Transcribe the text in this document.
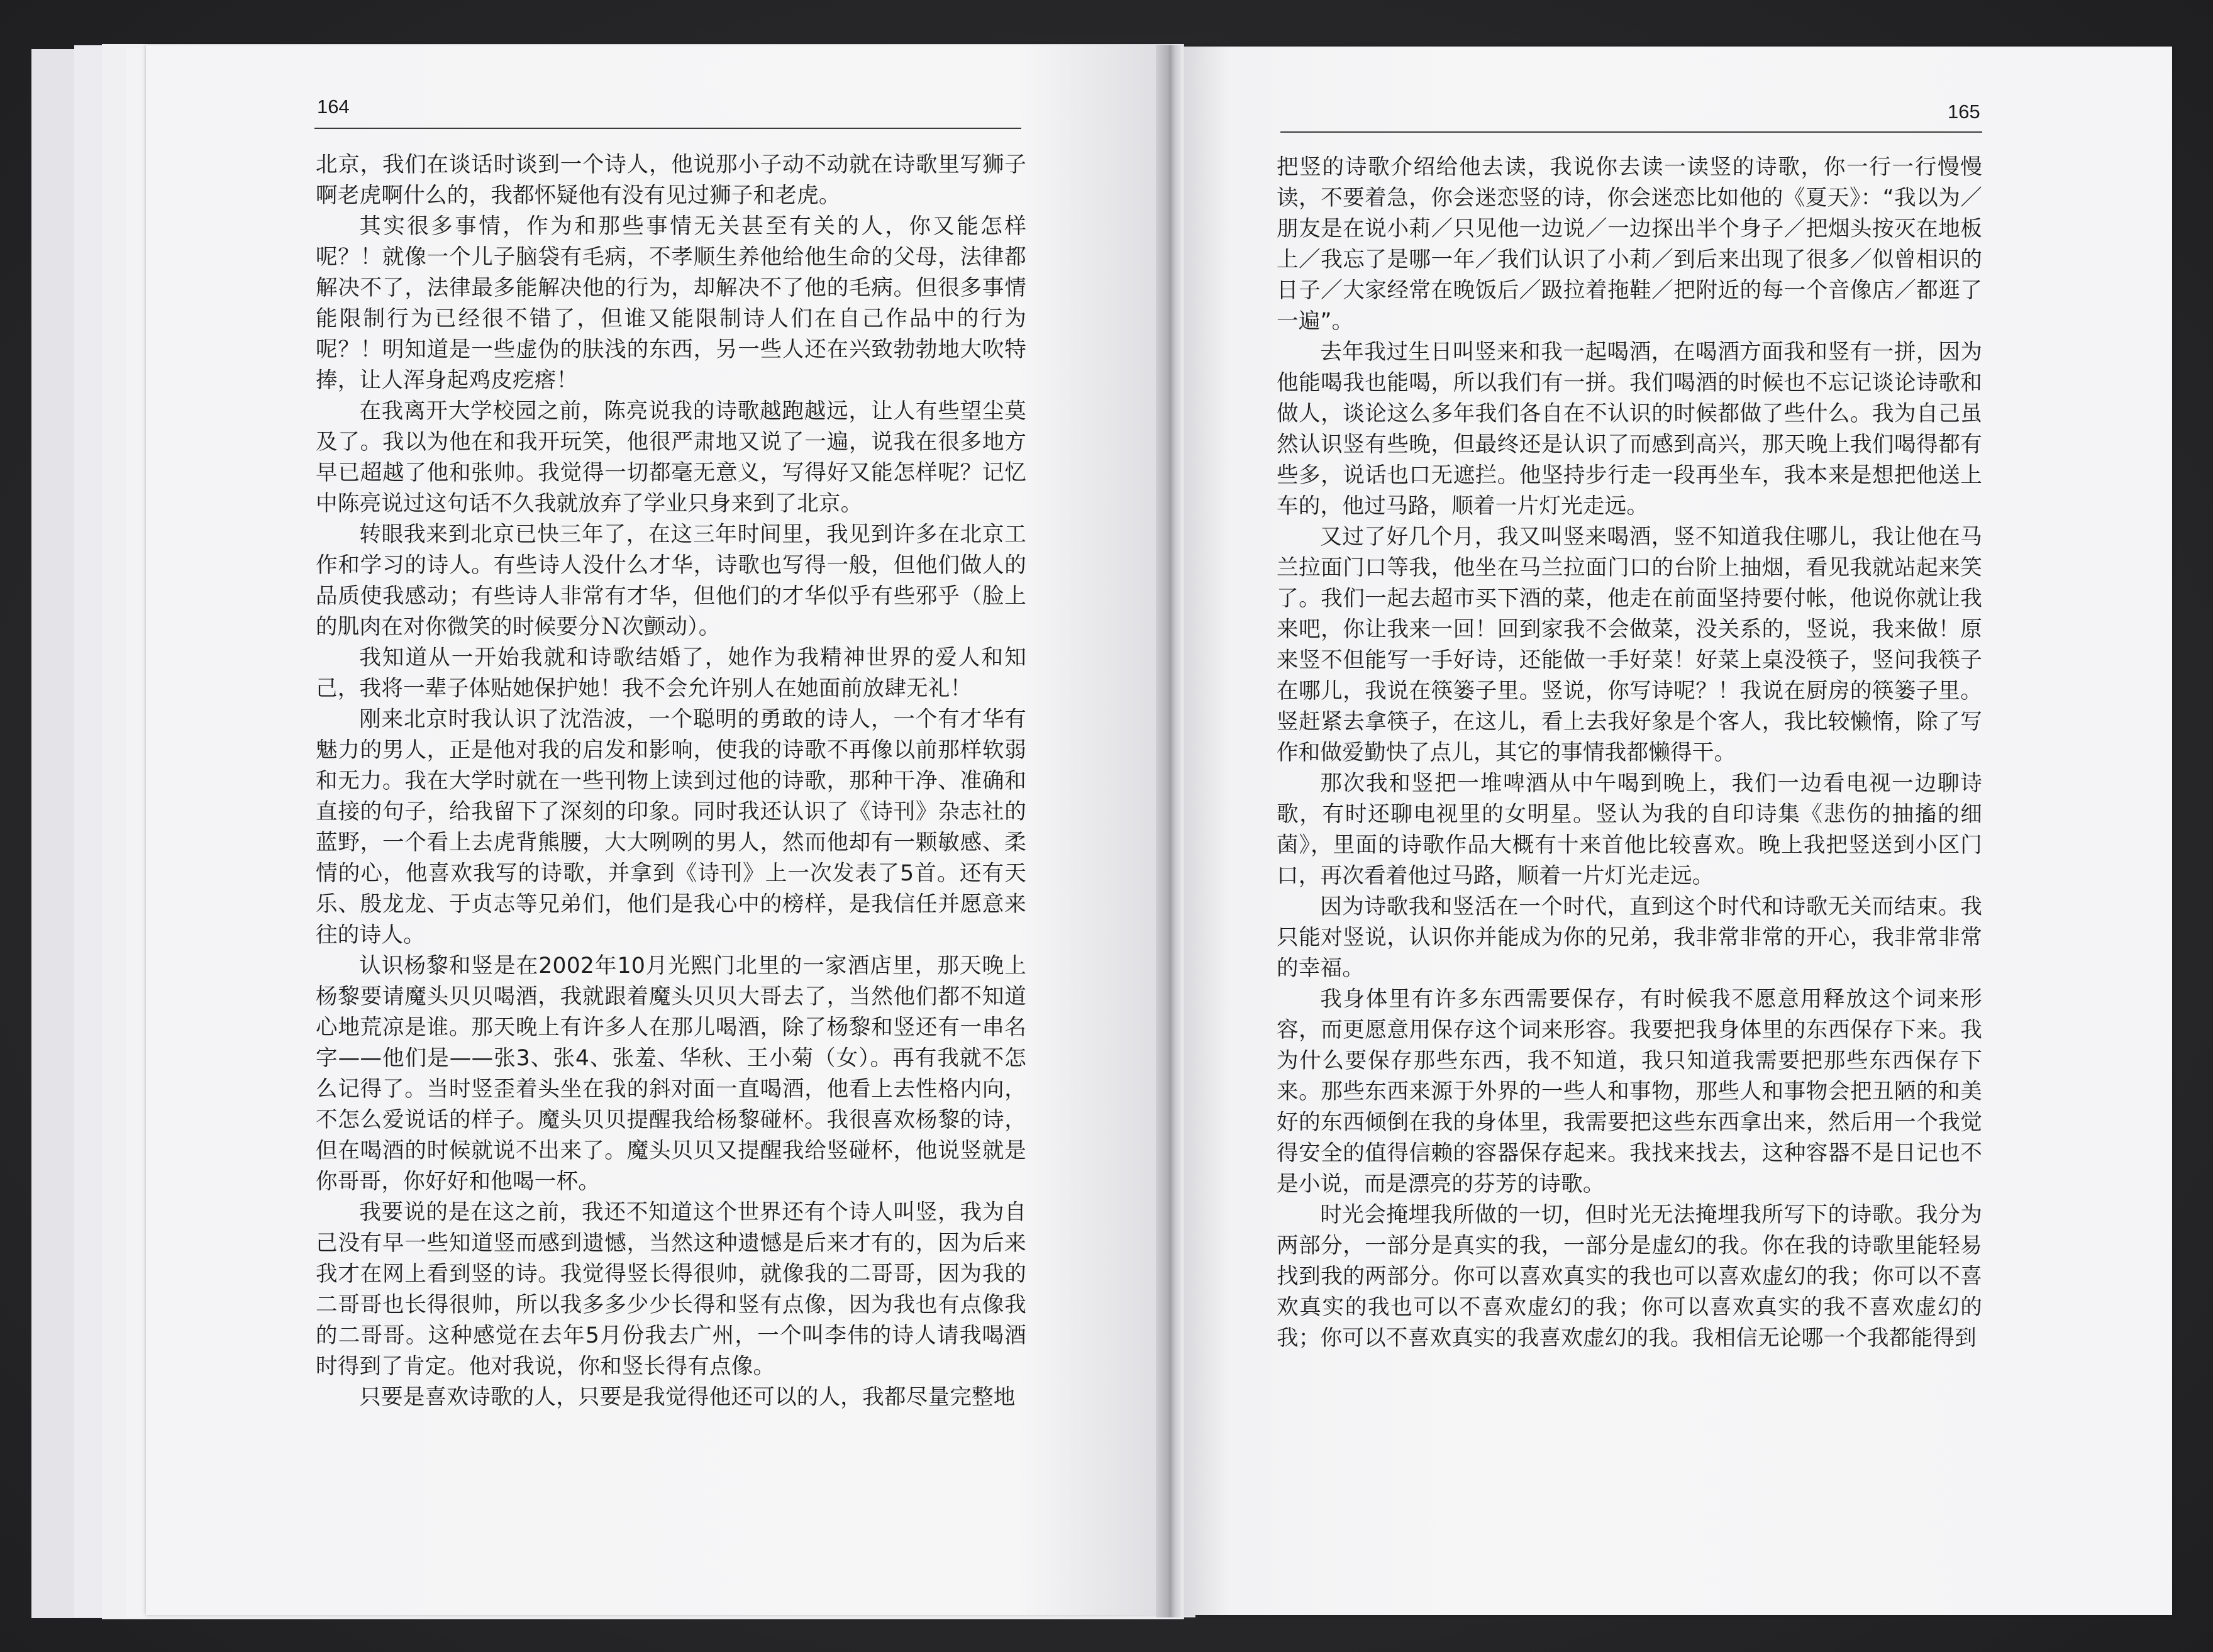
164	165

北京，我们在谈话时谈到一个诗人，他说那小子动不动就在诗歌里写狮子啊老虎啊什么的，我都怀疑他有没有见过狮子和老虎。

其实很多事情，作为和那些事情无关甚至有关的人，你又能怎样呢？！就像一个儿子脑袋有毛病，不孝顺生养他给他生命的父母，法律都解决不了，法律最多能解决他的行为，却解决不了他的毛病。但很多事情能限制行为已经很不错了，但谁又能限制诗人们在自己作品中的行为呢？！明知道是一些虚伪的肤浅的东西，另一些人还在兴致勃勃地大吹特捧，让人浑身起鸡皮疙瘩！

在我离开大学校园之前，陈亮说我的诗歌越跑越远，让人有些望尘莫及了。我以为他在和我开玩笑，他很严肃地又说了一遍，说我在很多地方早已超越了他和张帅。我觉得一切都毫无意义，写得好又能怎样呢？记忆中陈亮说过这句话不久我就放弃了学业只身来到了北京。

转眼我来到北京已快三年了，在这三年时间里，我见到许多在北京工作和学习的诗人。有些诗人没什么才华，诗歌也写得一般，但他们做人的品质使我感动；有些诗人非常有才华，但他们的才华似乎有些邪乎（脸上的肌肉在对你微笑的时候要分Ｎ次颤动）。

我知道从一开始我就和诗歌结婚了，她作为我精神世界的爱人和知己，我将一辈子体贴她保护她！我不会允许别人在她面前放肆无礼！

刚来北京时我认识了沈浩波，一个聪明的勇敢的诗人，一个有才华有魅力的男人，正是他对我的启发和影响，使我的诗歌不再像以前那样软弱和无力。我在大学时就在一些刊物上读到过他的诗歌，那种干净、准确和直接的句子，给我留下了深刻的印象。同时我还认识了《诗刊》杂志社的蓝野，一个看上去虎背熊腰，大大咧咧的男人，然而他却有一颗敏感、柔情的心，他喜欢我写的诗歌，并拿到《诗刊》上一次发表了5首。还有天乐、殷龙龙、于贞志等兄弟们，他们是我心中的榜样，是我信任并愿意来往的诗人。

认识杨黎和竖是在2002年10月光熙门北里的一家酒店里，那天晚上杨黎要请魔头贝贝喝酒，我就跟着魔头贝贝大哥去了，当然他们都不知道心地荒凉是谁。那天晚上有许多人在那儿喝酒，除了杨黎和竖还有一串名字——他们是——张3、张4、张羞、华秋、王小菊（女）。再有我就不怎么记得了。当时竖歪着头坐在我的斜对面一直喝酒，他看上去性格内向，不怎么爱说话的样子。魔头贝贝提醒我给杨黎碰杯。我很喜欢杨黎的诗，但在喝酒的时候就说不出来了。魔头贝贝又提醒我给竖碰杯，他说竖就是你哥哥，你好好和他喝一杯。

我要说的是在这之前，我还不知道这个世界还有个诗人叫竖，我为自己没有早一些知道竖而感到遗憾，当然这种遗憾是后来才有的，因为后来我才在网上看到竖的诗。我觉得竖长得很帅，就像我的二哥哥，因为我的二哥哥也长得很帅，所以我多多少少长得和竖有点像，因为我也有点像我的二哥哥。这种感觉在去年5月份我去广州，一个叫李伟的诗人请我喝酒时得到了肯定。他对我说，你和竖长得有点像。

只要是喜欢诗歌的人，只要是我觉得他还可以的人，我都尽量完整地

把竖的诗歌介绍给他去读，我说你去读一读竖的诗歌，你一行一行慢慢读，不要着急，你会迷恋竖的诗，你会迷恋比如他的《夏天》：“我以为／朋友是在说小莉／只见他一边说／一边探出半个身子／把烟头按灭在地板上／我忘了是哪一年／我们认识了小莉／到后来出现了很多／似曾相识的日子／大家经常在晚饭后／趿拉着拖鞋／把附近的每一个音像店／都逛了一遍”。

去年我过生日叫竖来和我一起喝酒，在喝酒方面我和竖有一拼，因为他能喝我也能喝，所以我们有一拼。我们喝酒的时候也不忘记谈论诗歌和做人，谈论这么多年我们各自在不认识的时候都做了些什么。我为自己虽然认识竖有些晚，但最终还是认识了而感到高兴，那天晚上我们喝得都有些多，说话也口无遮拦。他坚持步行走一段再坐车，我本来是想把他送上车的，他过马路，顺着一片灯光走远。

又过了好几个月，我又叫竖来喝酒，竖不知道我住哪儿，我让他在马兰拉面门口等我，他坐在马兰拉面门口的台阶上抽烟，看见我就站起来笑了。我们一起去超市买下酒的菜，他走在前面坚持要付帐，他说你就让我来吧，你让我来一回！回到家我不会做菜，没关系的，竖说，我来做！原来竖不但能写一手好诗，还能做一手好菜！好菜上桌没筷子，竖问我筷子在哪儿，我说在筷篓子里。竖说，你写诗呢？！我说在厨房的筷篓子里。竖赶紧去拿筷子，在这儿，看上去我好象是个客人，我比较懒惰，除了写作和做爱勤快了点儿，其它的事情我都懒得干。

那次我和竖把一堆啤酒从中午喝到晚上，我们一边看电视一边聊诗歌，有时还聊电视里的女明星。竖认为我的自印诗集《悲伤的抽搐的细菌》，里面的诗歌作品大概有十来首他比较喜欢。晚上我把竖送到小区门口，再次看着他过马路，顺着一片灯光走远。

因为诗歌我和竖活在一个时代，直到这个时代和诗歌无关而结束。我只能对竖说，认识你并能成为你的兄弟，我非常非常的开心，我非常非常的幸福。

我身体里有许多东西需要保存，有时候我不愿意用释放这个词来形容，而更愿意用保存这个词来形容。我要把我身体里的东西保存下来。我为什么要保存那些东西，我不知道，我只知道我需要把那些东西保存下来。那些东西来源于外界的一些人和事物，那些人和事物会把丑陋的和美好的东西倾倒在我的身体里，我需要把这些东西拿出来，然后用一个我觉得安全的值得信赖的容器保存起来。我找来找去，这种容器不是日记也不是小说，而是漂亮的芬芳的诗歌。

时光会掩埋我所做的一切，但时光无法掩埋我所写下的诗歌。我分为两部分，一部分是真实的我，一部分是虚幻的我。你在我的诗歌里能轻易找到我的两部分。你可以喜欢真实的我也可以喜欢虚幻的我；你可以不喜欢真实的我也可以不喜欢虚幻的我；你可以喜欢真实的我不喜欢虚幻的我；你可以不喜欢真实的我喜欢虚幻的我。我相信无论哪一个我都能得到
